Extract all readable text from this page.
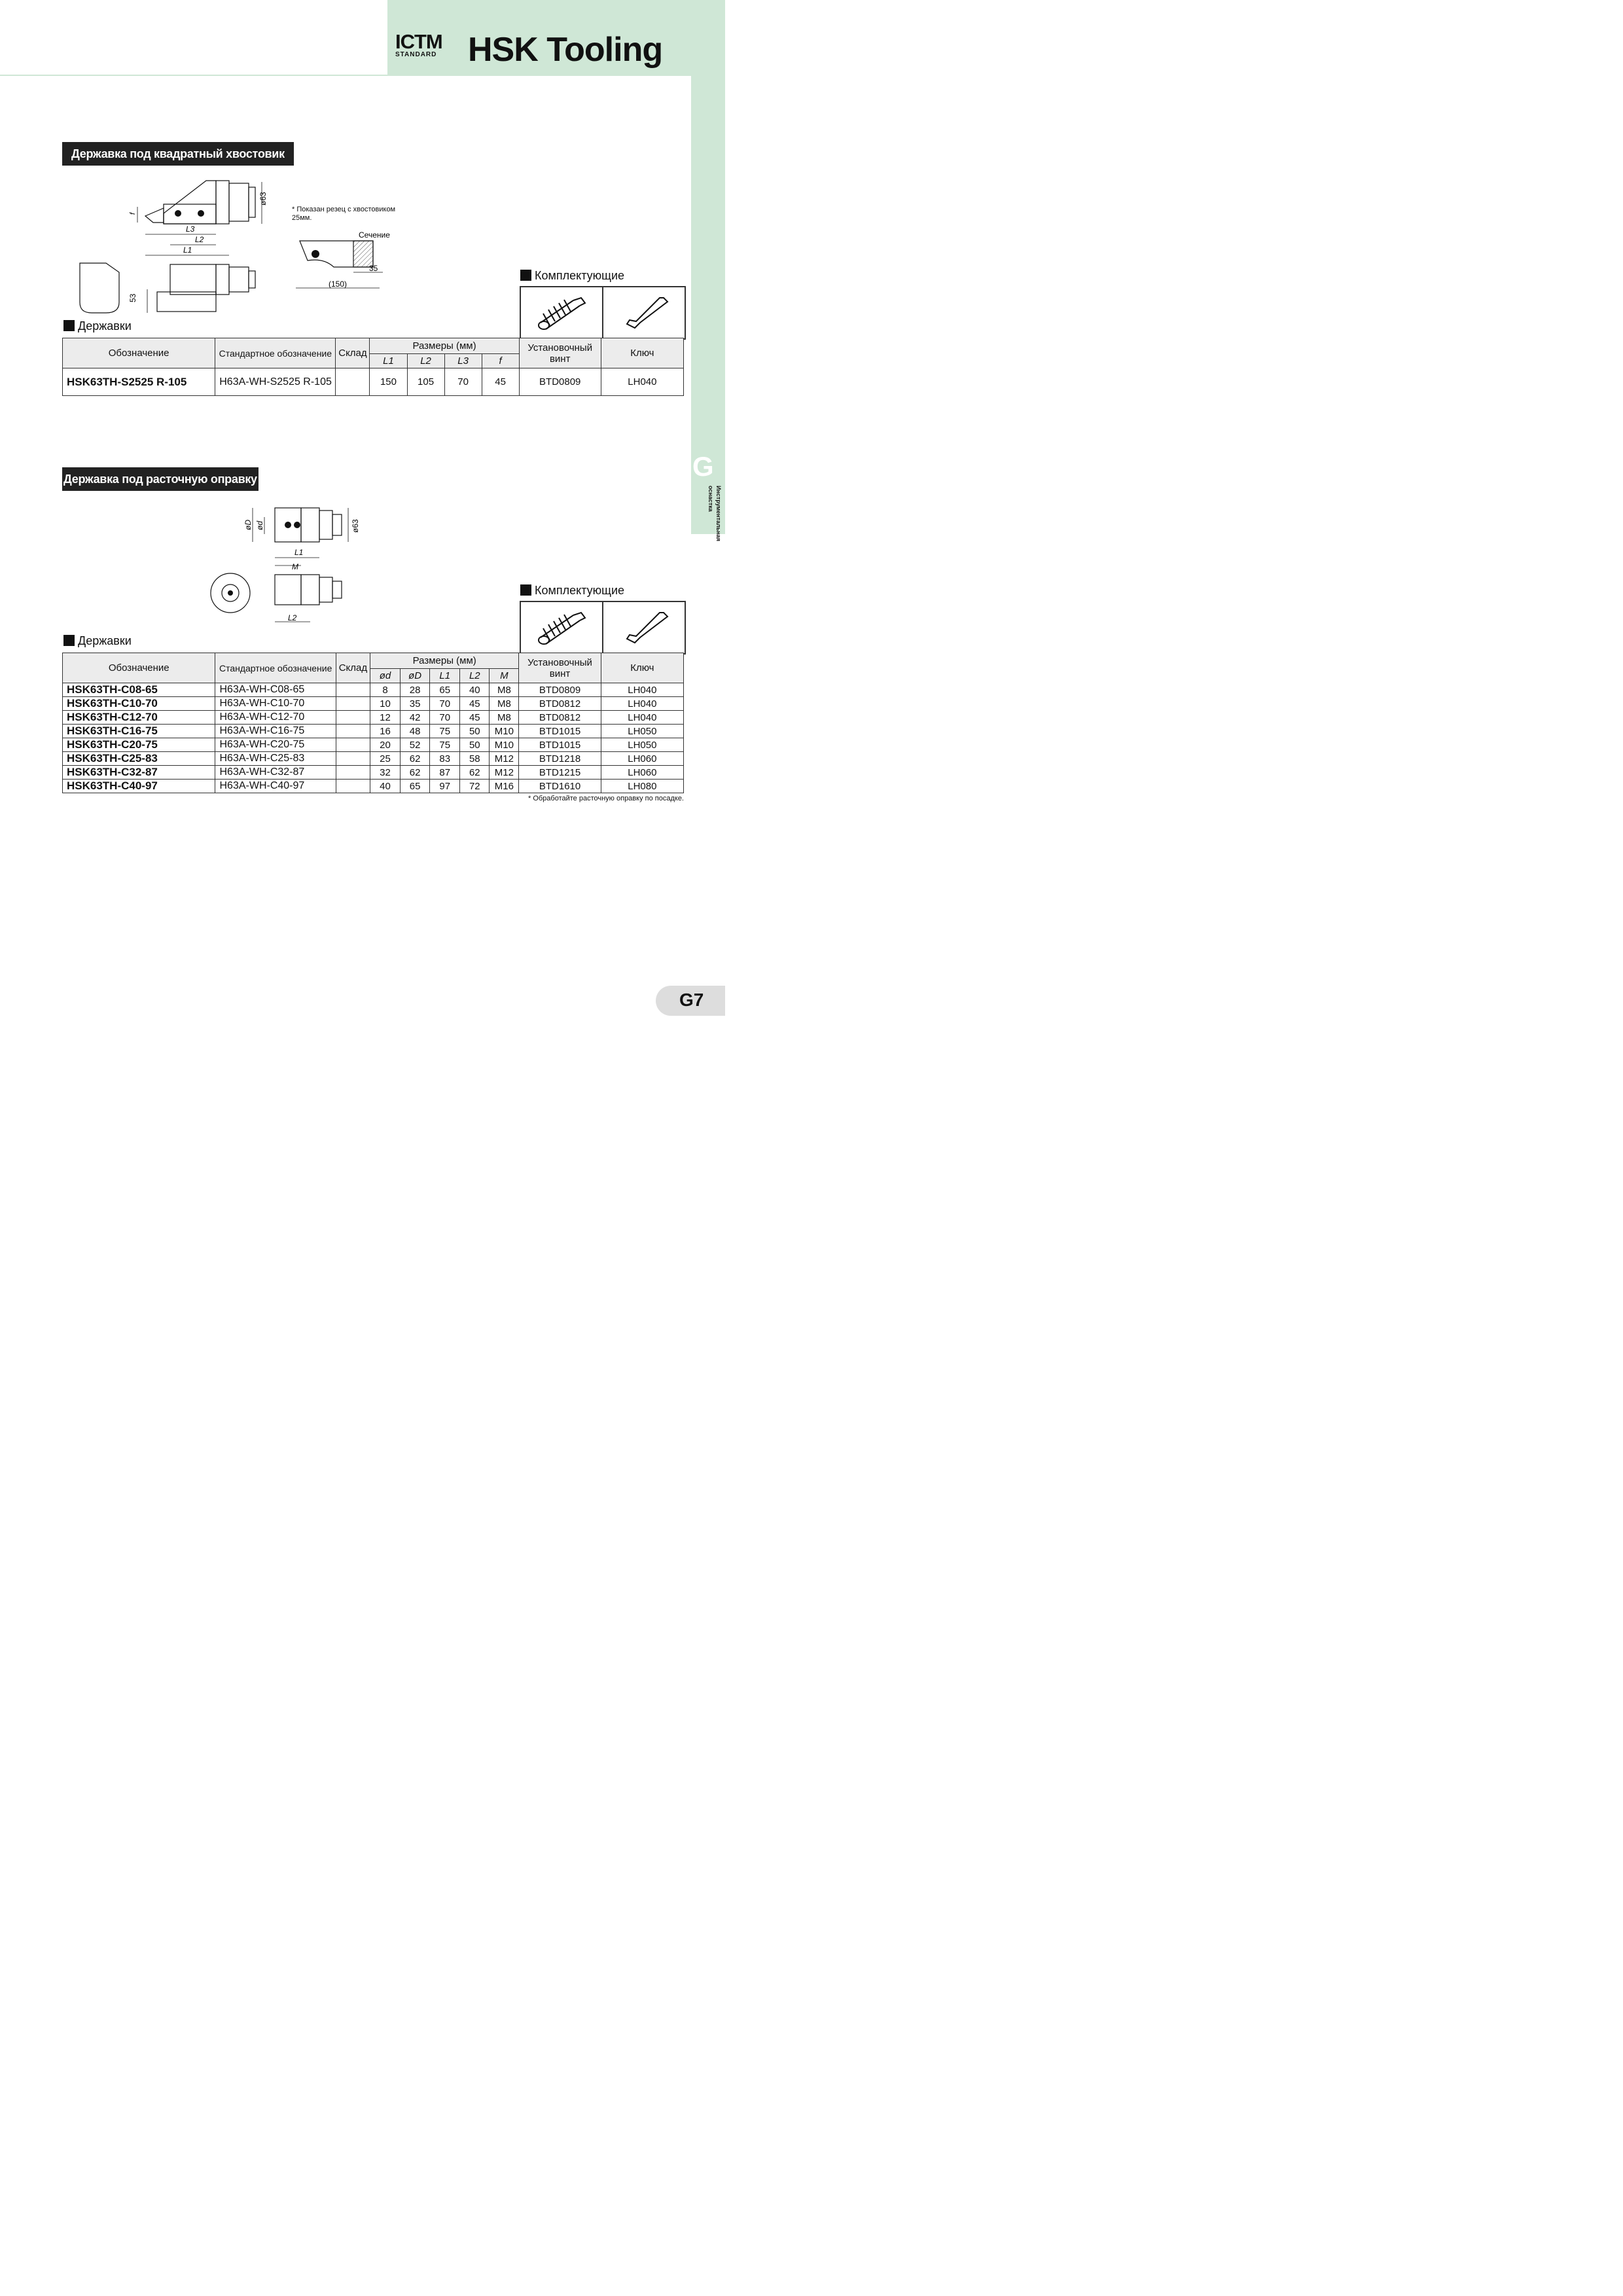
ICTM
STANDARD HSK Tooling
G
Инструментальная оснастка
Державка под квадратный хвостовик
ø63
f
L3
L2
L1
53
35
(150)
Сечение
* Показан резец с хвостовиком 25мм.
Комплектующие
Державки
Обозначение	Стандартное обозначение	Склад	Размеры (мм)				Установочный винт	Ключ
			L1	L2	L3	f		
HSK63TH-S2525 R-105	H63A-WH-S2525 R-105		150	105	70	45	BTD0809	LH040
Державка под расточную оправку
øD ød	ø63
L1
M
L2
Комплектующие
Державки
Обозначение	Стандартное обозначение	Склад	Размеры (мм)					Установочный винт	Ключ
			ød	øD	L1	L2	M		
HSK63TH-C08-65	H63A-WH-C08-65		8	28	65	40	M8	BTD0809	LH040
HSK63TH-C10-70	H63A-WH-C10-70		10	35	70	45	M8	BTD0812	LH040
HSK63TH-C12-70	H63A-WH-C12-70		12	42	70	45	M8	BTD0812	LH040
HSK63TH-C16-75	H63A-WH-C16-75		16	48	75	50	M10	BTD1015	LH050
HSK63TH-C20-75	H63A-WH-C20-75		20	52	75	50	M10	BTD1015	LH050
HSK63TH-C25-83	H63A-WH-C25-83		25	62	83	58	M12	BTD1218	LH060
HSK63TH-C32-87	H63A-WH-C32-87		32	62	87	62	M12	BTD1215	LH060
HSK63TH-C40-97	H63A-WH-C40-97		40	65	97	72	M16	BTD1610	LH080
* Обработайте расточную оправку по посадке.
G7
